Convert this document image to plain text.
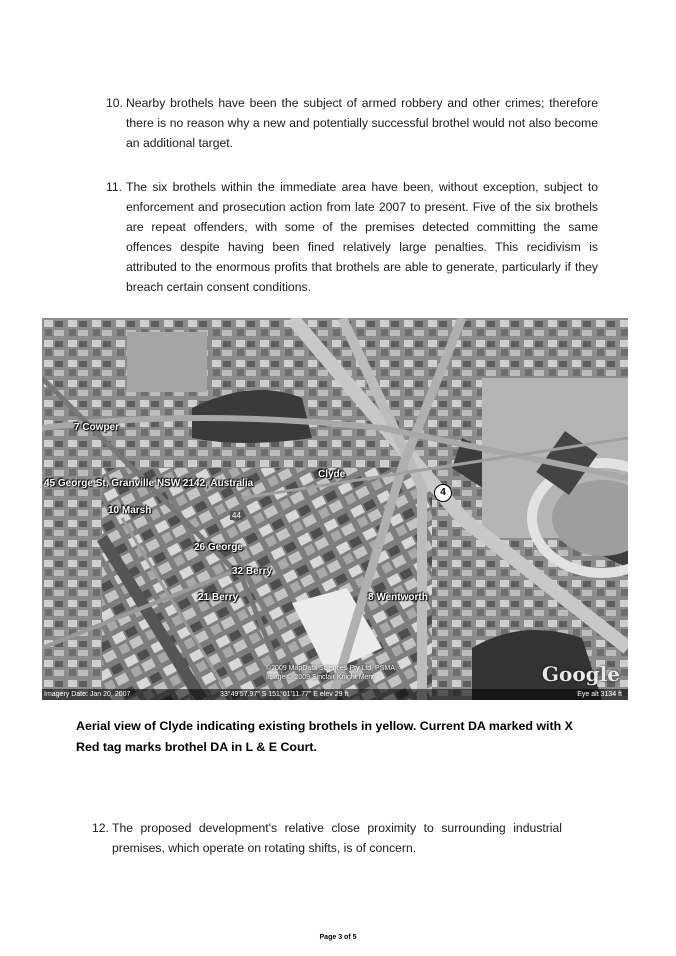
10. Nearby brothels have been the subject of armed robbery and other crimes; therefore there is no reason why a new and potentially successful brothel would not also become an additional target.
11. The six brothels within the immediate area have been, without exception, subject to enforcement and prosecution action from late 2007 to present. Five of the six brothels are repeat offenders, with some of the premises detected committing the same offences despite having been fined relatively large penalties. This recidivism is attributed to the enormous profits that brothels are able to generate, particularly if they breach certain consent conditions.
7 Cowper
45 George St, Granville NSW 2142, Australia
10 Marsh
26 George
32 Berry
21 Berry
Clyde
8 Wentworth
4
44
©2009 MapData Sciences Pty Ltd, PSMA
Image © 2009 Sinclair Knight Merz	Google
Imagery Date: Jan 20, 2007	33°49'57.97" S 151°01'11.77" E elev 29 ft	Eye alt 3134 ft
Aerial view of Clyde indicating existing brothels in yellow. Current DA marked with X
Red tag marks brothel DA in L & E Court.
12. The proposed development's relative close proximity to surrounding industrial premises, which operate on rotating shifts, is of concern.
Page 3 of 5
